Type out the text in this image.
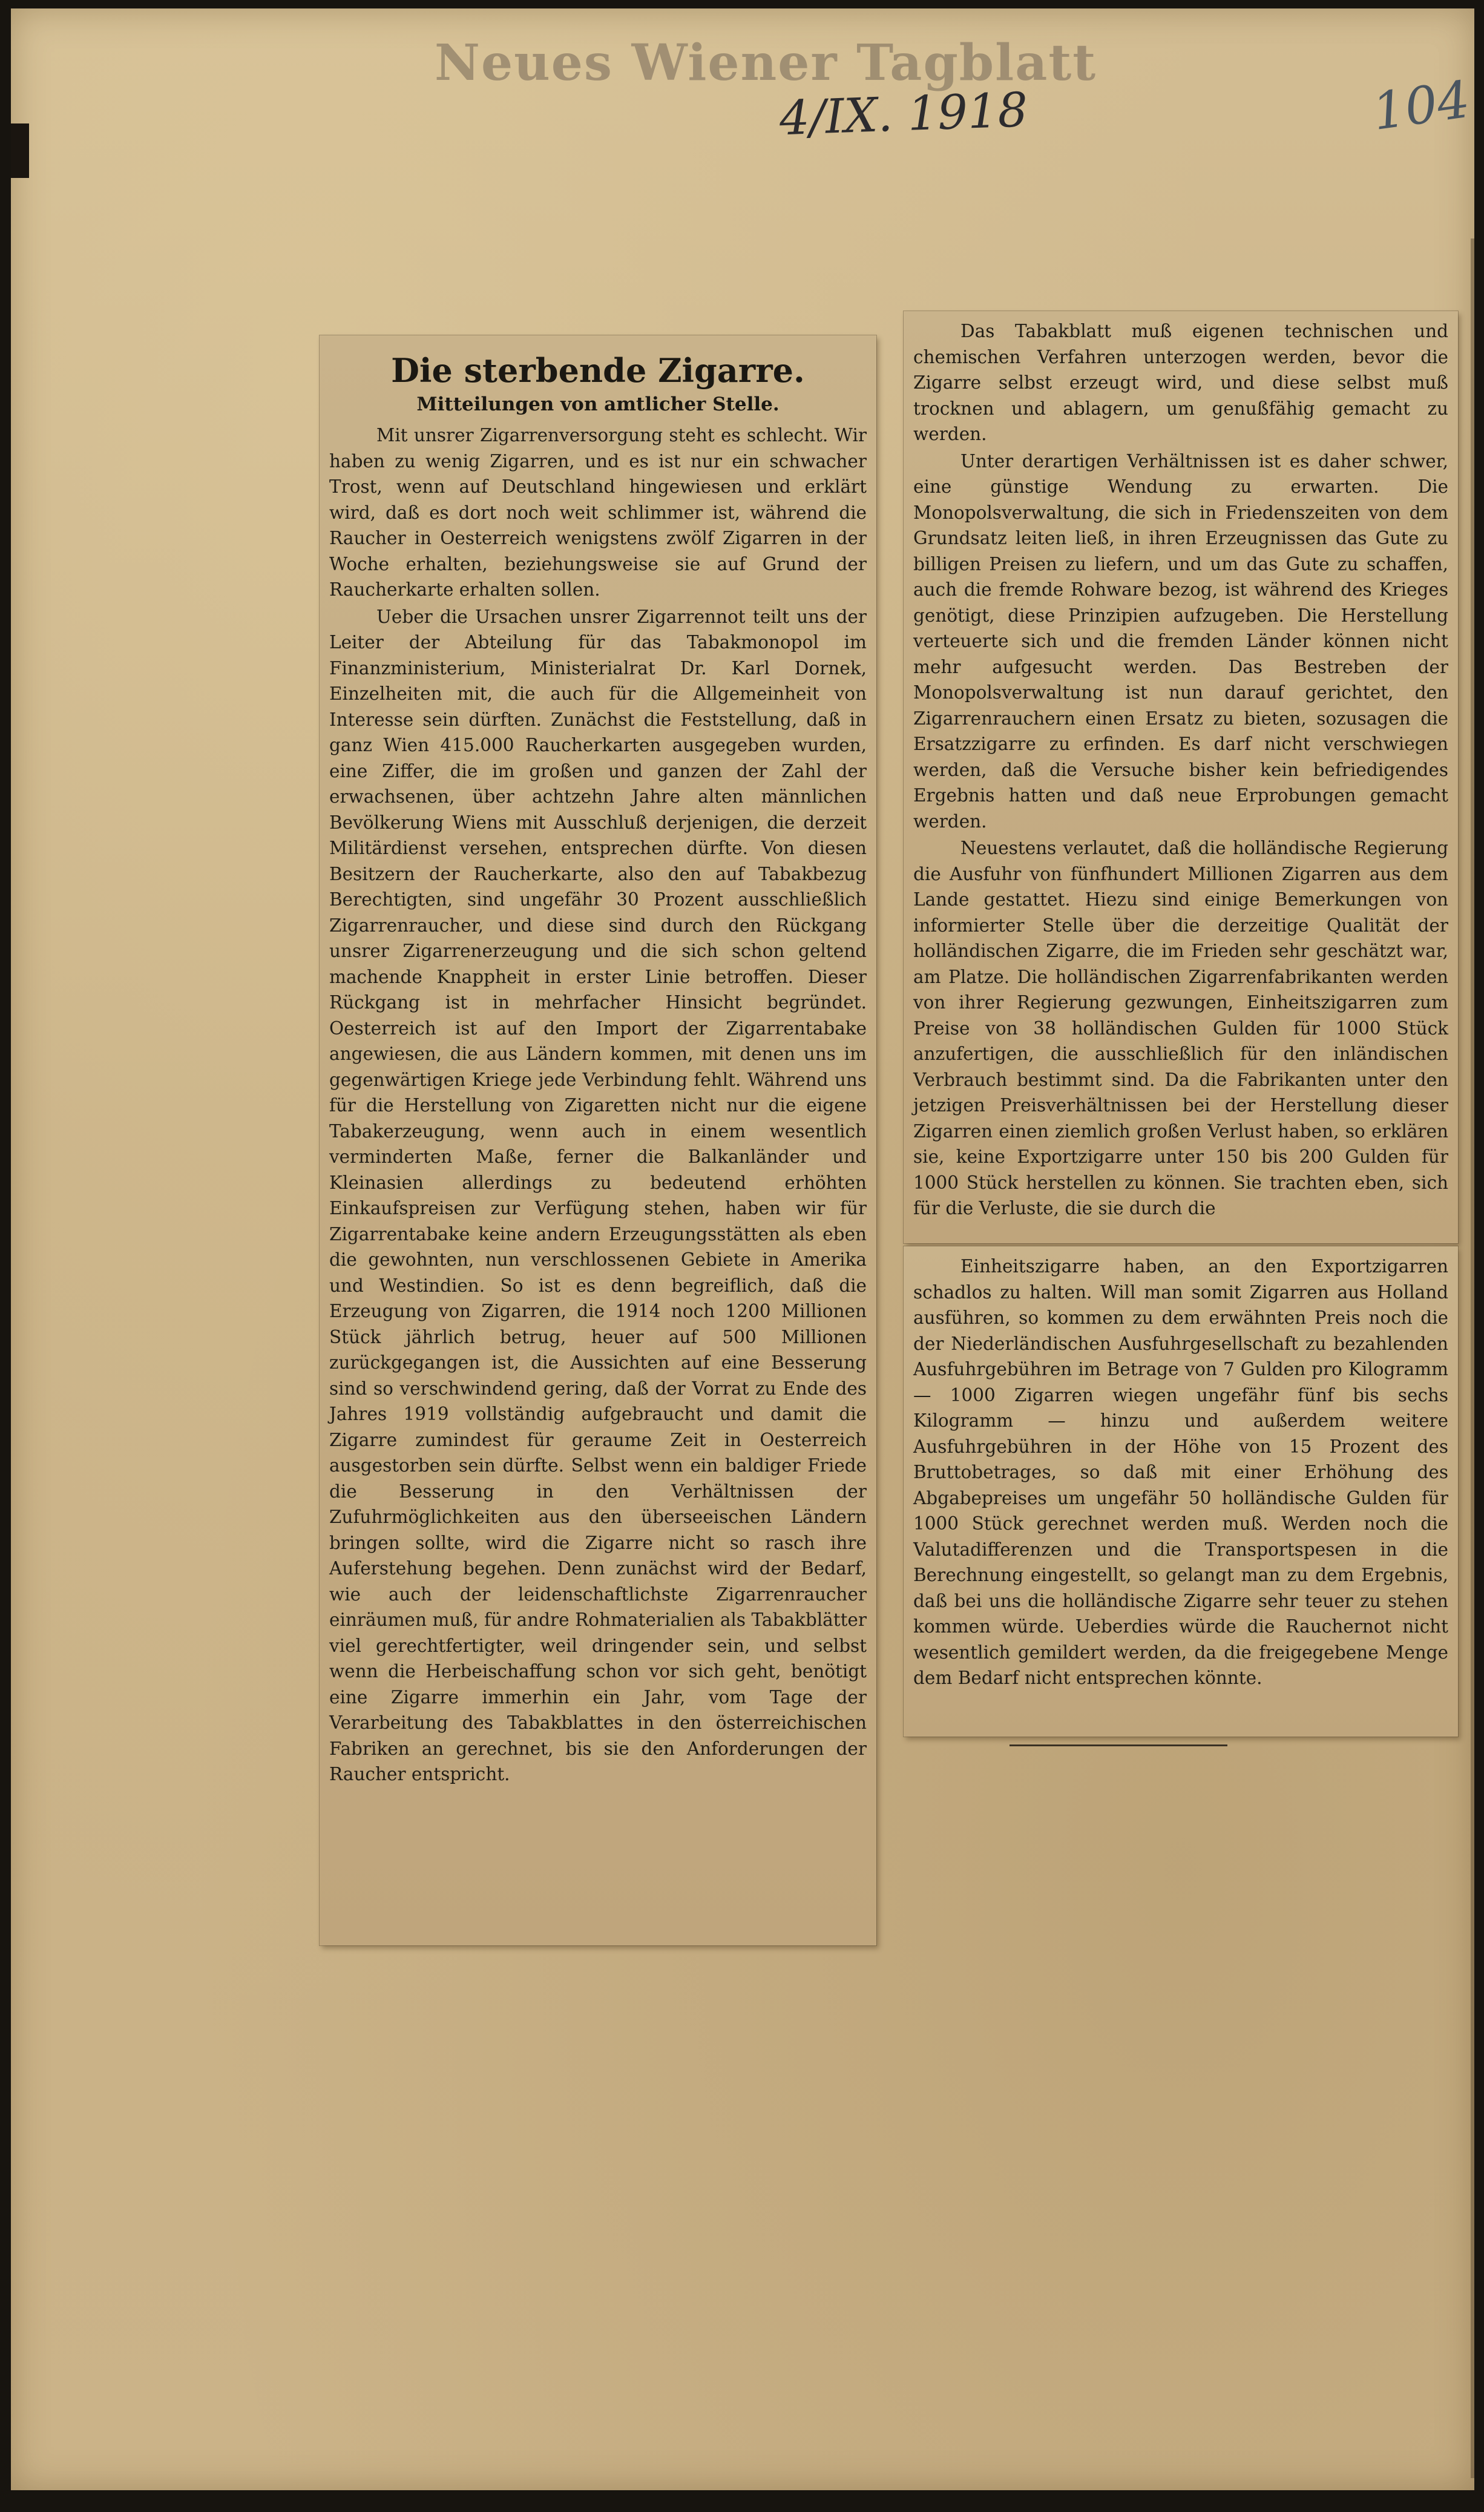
Neues Wiener Tagblatt
4/IX. 1918	104
Die sterbende Zigarre.
Mitteilungen von amtlicher Stelle.

Mit unsrer Zigarrenversorgung steht es schlecht. Wir haben zu wenig Zigarren, und es ist nur ein schwacher Trost, wenn auf Deutschland hingewiesen und erklärt wird, daß es dort noch weit schlimmer ist, während die Raucher in Oesterreich wenigstens zwölf Zigarren in der Woche erhalten, beziehungsweise sie auf Grund der Raucherkarte erhalten sollen.

Ueber die Ursachen unsrer Zigarrennot teilt uns der Leiter der Abteilung für das Tabakmonopol im Finanzministerium, Ministerialrat Dr. Karl Dornek, Einzelheiten mit, die auch für die Allgemeinheit von Interesse sein dürften. Zunächst die Feststellung, daß in ganz Wien 415.000 Raucherkarten ausgegeben wurden, eine Ziffer, die im großen und ganzen der Zahl der erwachsenen, über achtzehn Jahre alten männlichen Bevölkerung Wiens mit Ausschluß derjenigen, die derzeit Militärdienst versehen, entsprechen dürfte. Von diesen Besitzern der Raucherkarte, also den auf Tabakbezug Berechtigten, sind ungefähr 30 Prozent ausschließlich Zigarrenraucher, und diese sind durch den Rückgang unsrer Zigarrenerzeugung und die sich schon geltend machende Knappheit in erster Linie betroffen. Dieser Rückgang ist in mehrfacher Hinsicht begründet. Oesterreich ist auf den Import der Zigarrentabake angewiesen, die aus Ländern kommen, mit denen uns im gegenwärtigen Kriege jede Verbindung fehlt. Während uns für die Herstellung von Zigaretten nicht nur die eigene Tabakerzeugung, wenn auch in einem wesentlich verminderten Maße, ferner die Balkanländer und Kleinasien allerdings zu bedeutend erhöhten Einkaufspreisen zur Verfügung stehen, haben wir für Zigarrentabake keine andern Erzeugungsstätten als eben die gewohnten, nun verschlossenen Gebiete in Amerika und Westindien. So ist es denn begreiflich, daß die Erzeugung von Zigarren, die 1914 noch 1200 Millionen Stück jährlich betrug, heuer auf 500 Millionen zurückgegangen ist, die Aussichten auf eine Besserung sind so verschwindend gering, daß der Vorrat zu Ende des Jahres 1919 vollständig aufgebraucht und damit die Zigarre zumindest für geraume Zeit in Oesterreich ausgestorben sein dürfte. Selbst wenn ein baldiger Friede die Besserung in den Verhältnissen der Zufuhrmöglichkeiten aus den überseeischen Ländern bringen sollte, wird die Zigarre nicht so rasch ihre Auferstehung begehen. Denn zunächst wird der Bedarf, wie auch der leidenschaftlichste Zigarrenraucher einräumen muß, für andre Rohmaterialien als Tabakblätter viel gerechtfertigter, weil dringender sein, und selbst wenn die Herbeischaffung schon vor sich geht, benötigt eine Zigarre immerhin ein Jahr, vom Tage der Verarbeitung des Tabakblattes in den österreichischen Fabriken an gerechnet, bis sie den Anforderungen der Raucher entspricht.

Das Tabakblatt muß eigenen technischen und chemischen Verfahren unterzogen werden, bevor die Zigarre selbst erzeugt wird, und diese selbst muß trocknen und ablagern, um genußfähig gemacht zu werden.

Unter derartigen Verhältnissen ist es daher schwer, eine günstige Wendung zu erwarten. Die Monopolsverwaltung, die sich in Friedenszeiten von dem Grundsatz leiten ließ, in ihren Erzeugnissen das Gute zu billigen Preisen zu liefern, und um das Gute zu schaffen, auch die fremde Rohware bezog, ist während des Krieges genötigt, diese Prinzipien aufzugeben. Die Herstellung verteuerte sich und die fremden Länder können nicht mehr aufgesucht werden. Das Bestreben der Monopolsverwaltung ist nun darauf gerichtet, den Zigarrenrauchern einen Ersatz zu bieten, sozusagen die Ersatzzigarre zu erfinden. Es darf nicht verschwiegen werden, daß die Versuche bisher kein befriedigendes Ergebnis hatten und daß neue Erprobungen gemacht werden.

Neuestens verlautet, daß die holländische Regierung die Ausfuhr von fünfhundert Millionen Zigarren aus dem Lande gestattet. Hiezu sind einige Bemerkungen von informierter Stelle über die derzeitige Qualität der holländischen Zigarre, die im Frieden sehr geschätzt war, am Platze. Die holländischen Zigarrenfabrikanten werden von ihrer Regierung gezwungen, Einheitszigarren zum Preise von 38 holländischen Gulden für 1000 Stück anzufertigen, die ausschließlich für den inländischen Verbrauch bestimmt sind. Da die Fabrikanten unter den jetzigen Preisverhältnissen bei der Herstellung dieser Zigarren einen ziemlich großen Verlust haben, so erklären sie, keine Exportzigarre unter 150 bis 200 Gulden für 1000 Stück herstellen zu können. Sie trachten eben, sich für die Verluste, die sie durch die

Einheitszigarre haben, an den Exportzigarren schadlos zu halten. Will man somit Zigarren aus Holland ausführen, so kommen zu dem erwähnten Preis noch die der Niederländischen Ausfuhrgesellschaft zu bezahlenden Ausfuhrgebühren im Betrage von 7 Gulden pro Kilogramm — 1000 Zigarren wiegen ungefähr fünf bis sechs Kilogramm — hinzu und außerdem weitere Ausfuhrgebühren in der Höhe von 15 Prozent des Bruttobetrages, so daß mit einer Erhöhung des Abgabepreises um ungefähr 50 holländische Gulden für 1000 Stück gerechnet werden muß. Werden noch die Valutadifferenzen und die Transportspesen in die Berechnung eingestellt, so gelangt man zu dem Ergebnis, daß bei uns die holländische Zigarre sehr teuer zu stehen kommen würde. Ueberdies würde die Rauchernot nicht wesentlich gemildert werden, da die freigegebene Menge dem Bedarf nicht entsprechen könnte.
